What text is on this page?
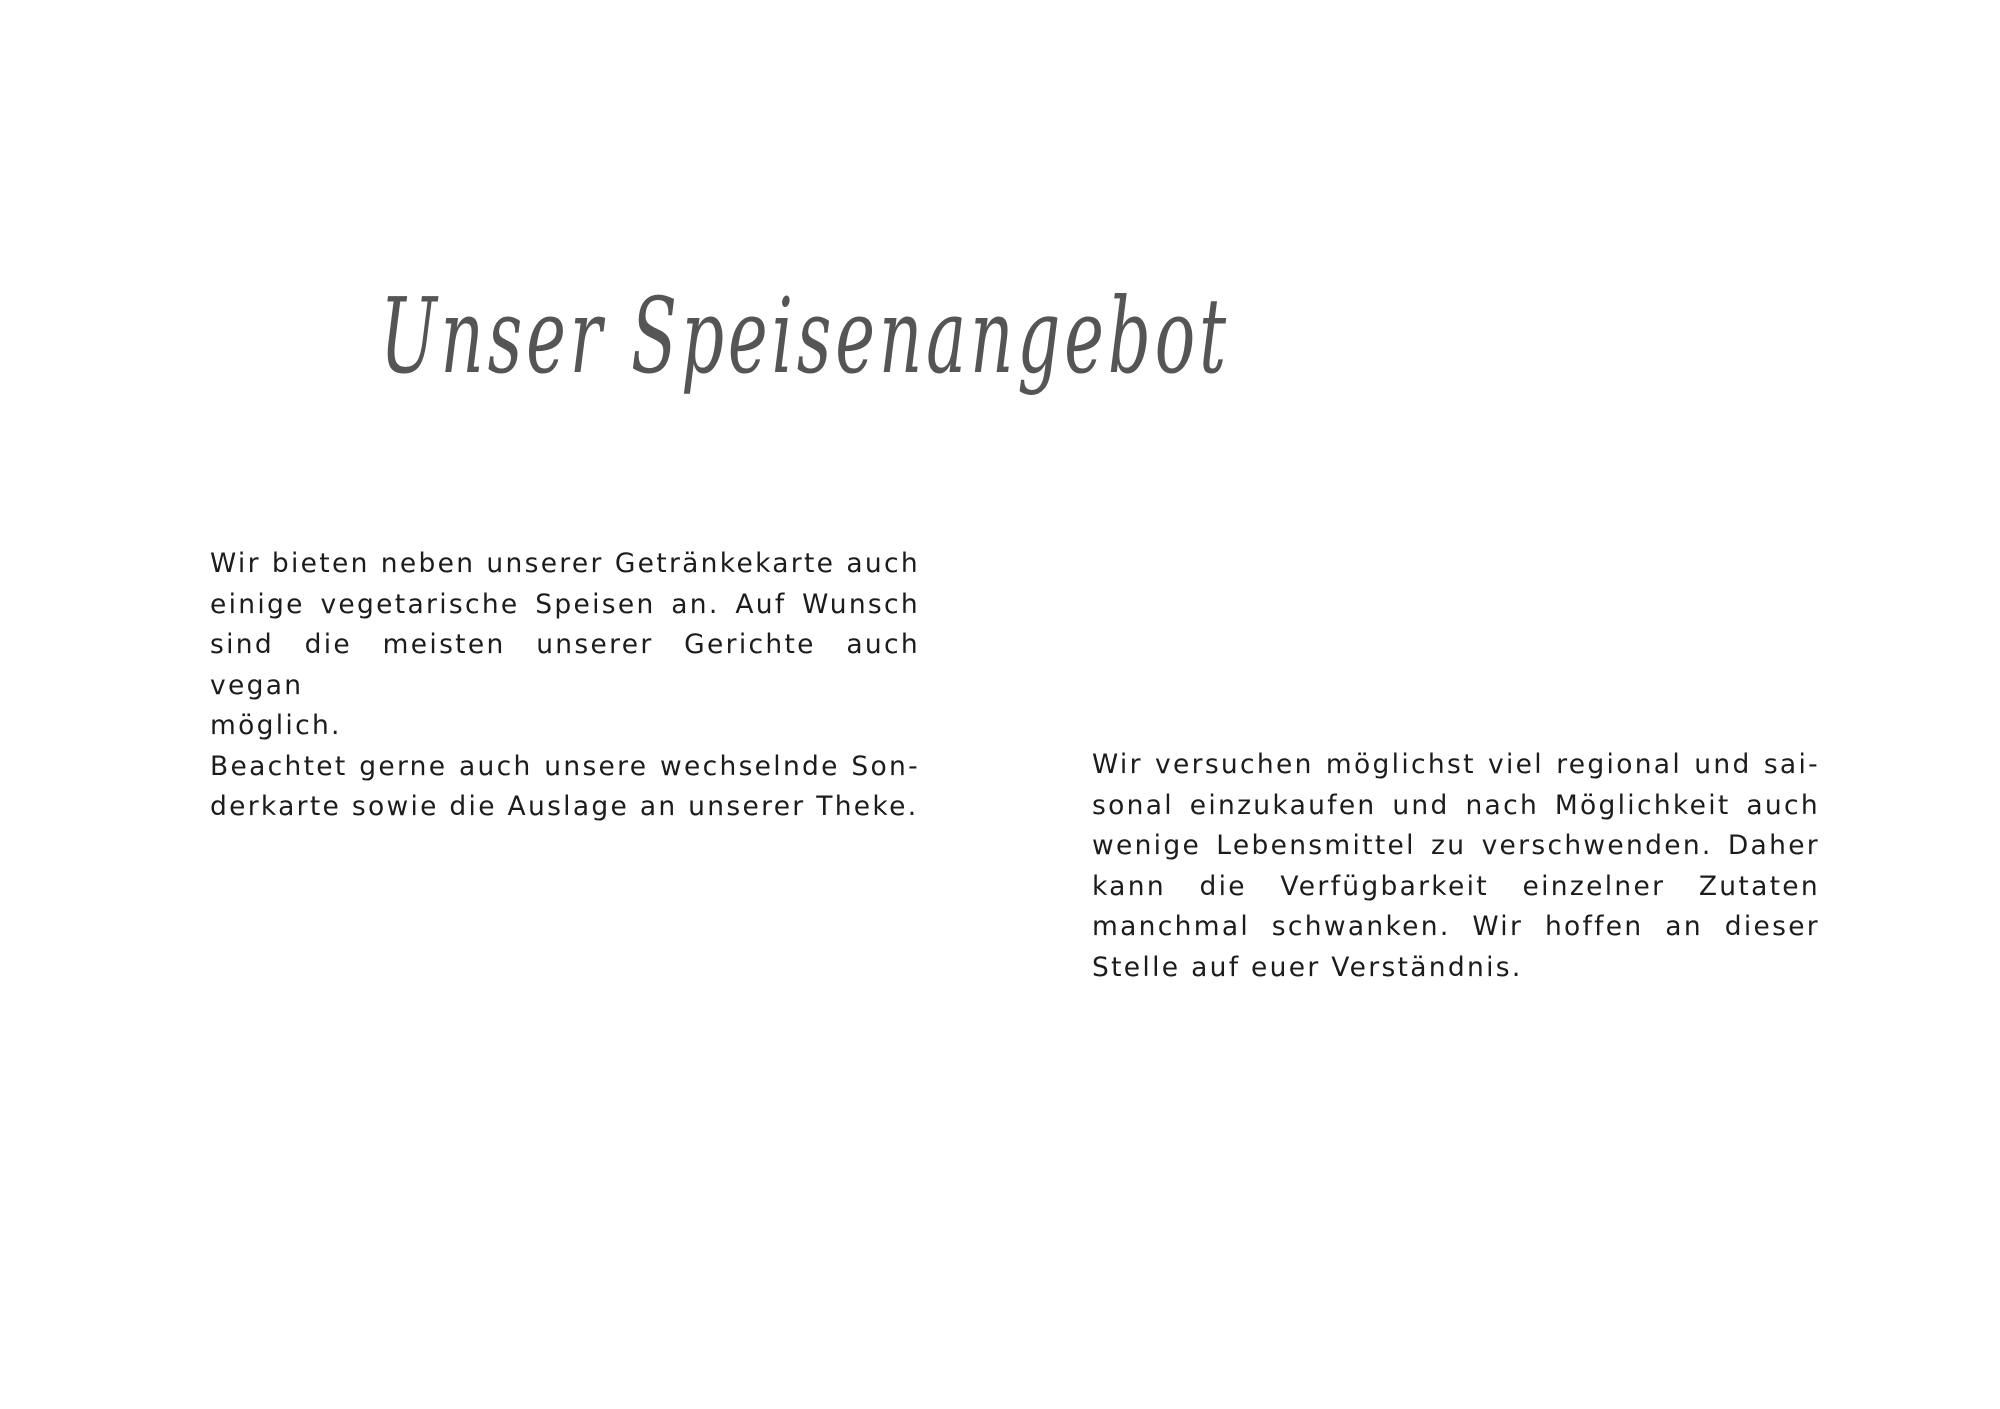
Unser Speisenangebot

Wir bieten neben unserer Getränkekarte auch

einige vegetarische Speisen an. Auf Wunsch

sind die meisten unserer Gerichte auch vegan

möglich.

Beachtet gerne auch unsere wechselnde Son-

derkarte sowie die Auslage an unserer Theke.

Wir versuchen möglichst viel regional und sai-

sonal einzukaufen und nach Möglichkeit auch

wenige Lebensmittel zu verschwenden. Daher

kann die Verfügbarkeit einzelner Zutaten

manchmal schwanken. Wir hoffen an dieser

Stelle auf euer Verständnis.
